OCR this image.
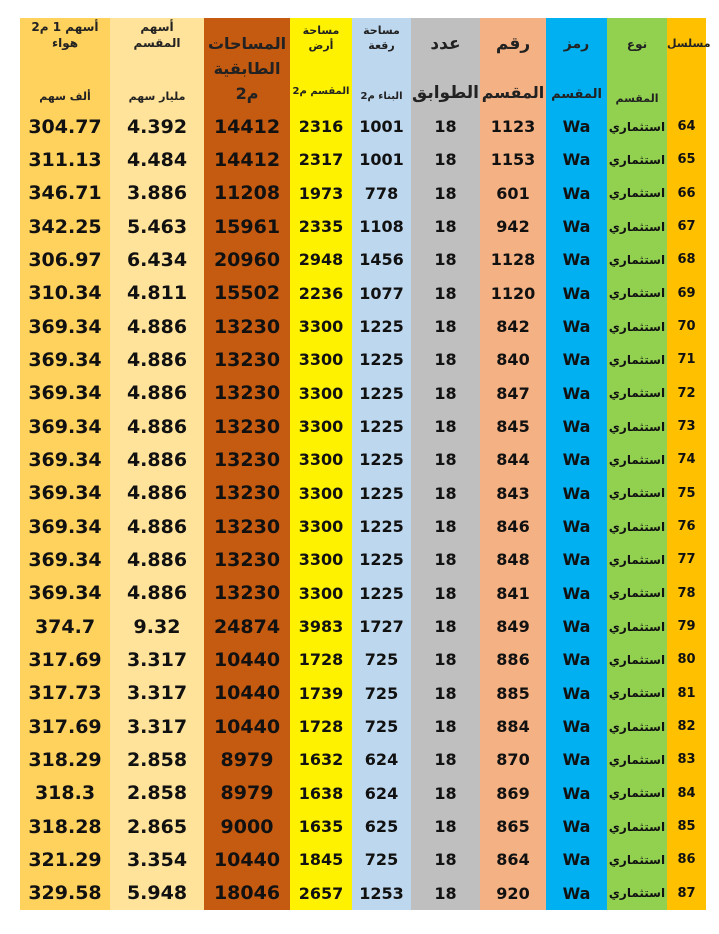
أسهم 1 م2
هواء
ألف سهم
304.77
311.13
346.71
342.25
306.97
310.34
369.34
369.34
369.34
369.34
369.34
369.34
369.34
369.34
369.34
374.7
317.69
317.73
317.69
318.29
318.3
318.28
321.29
329.58
أسهم
المقسم
مليار سهم
4.392
4.484
3.886
5.463
6.434
4.811
4.886
4.886
4.886
4.886
4.886
4.886
4.886
4.886
4.886
9.32
3.317
3.317
3.317
2.858
2.858
2.865
3.354
5.948
المساحات
الطابقية
م2
14412
14412
11208
15961
20960
15502
13230
13230
13230
13230
13230
13230
13230
13230
13230
24874
10440
10440
10440
8979
8979
9000
10440
18046
مساحة
أرض
المقسم م2
2316
2317
1973
2335
2948
2236
3300
3300
3300
3300
3300
3300
3300
3300
3300
3983
1728
1739
1728
1632
1638
1635
1845
2657
مساحة
رقعة
البناء م2
1001
1001
778
1108
1456
1077
1225
1225
1225
1225
1225
1225
1225
1225
1225
1727
725
725
725
624
624
625
725
1253
عدد
الطوابق
18
18
18
18
18
18
18
18
18
18
18
18
18
18
18
18
18
18
18
18
18
18
18
18
رقم
المقسم
1123
1153
601
942
1128
1120
842
840
847
845
844
843
846
848
841
849
886
885
884
870
869
865
864
920
رمز
المقسم
Wa
Wa
Wa
Wa
Wa
Wa
Wa
Wa
Wa
Wa
Wa
Wa
Wa
Wa
Wa
Wa
Wa
Wa
Wa
Wa
Wa
Wa
Wa
Wa
نوع
المقسم
استثماري
استثماري
استثماري
استثماري
استثماري
استثماري
استثماري
استثماري
استثماري
استثماري
استثماري
استثماري
استثماري
استثماري
استثماري
استثماري
استثماري
استثماري
استثماري
استثماري
استثماري
استثماري
استثماري
استثماري
مسلسل
64
65
66
67
68
69
70
71
72
73
74
75
76
77
78
79
80
81
82
83
84
85
86
87
